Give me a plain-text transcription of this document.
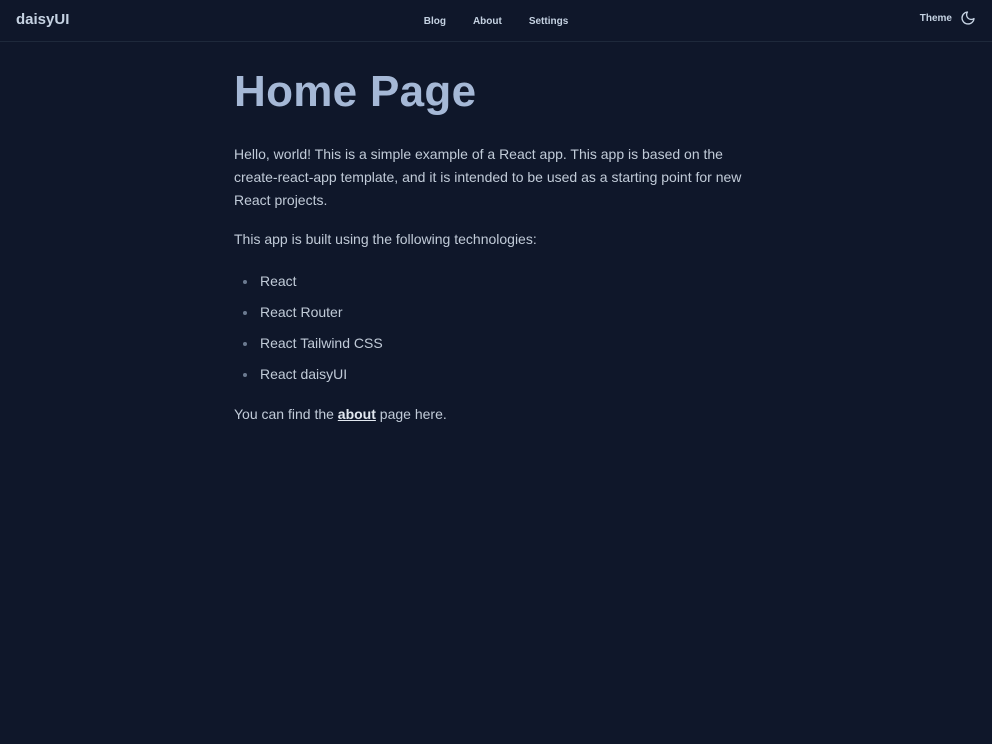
daisyUI	Blog	About	Settings	Theme
Home Page

Hello, world! This is a simple example of a React app. This app is based on the create-react-app template, and it is intended to be used as a starting point for new React projects.

This app is built using the following technologies:

React
React Router
React Tailwind CSS
React daisyUI

You can find the about page here.
